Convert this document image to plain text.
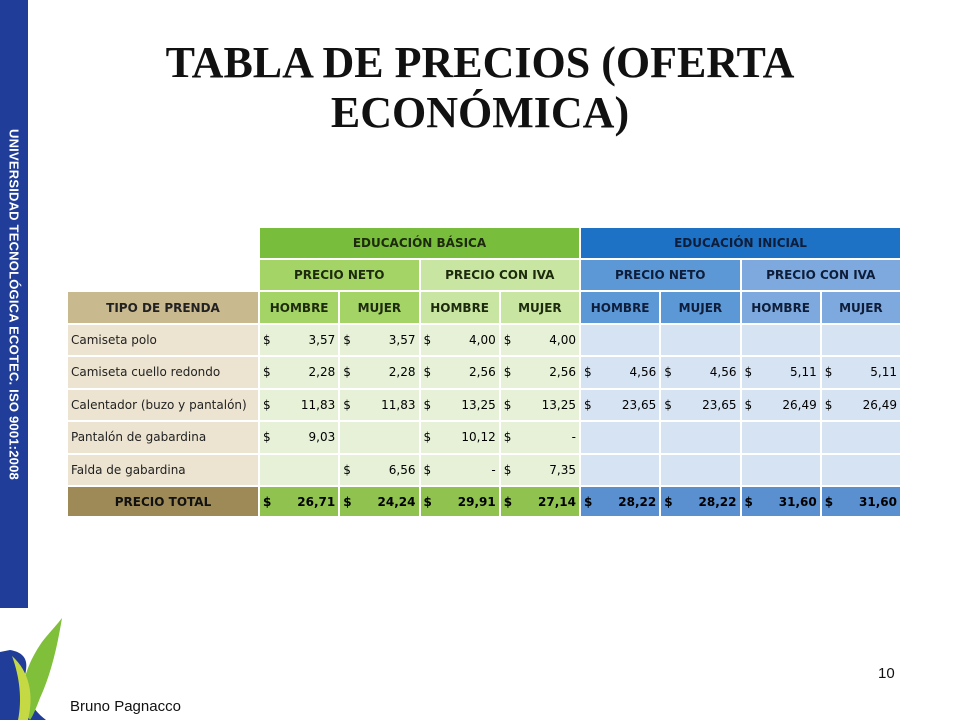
UNIVERSIDAD TECNOLÓGICA ECOTEC. ISO 9001:2008
TABLA DE PRECIOS (OFERTA ECONÓMICA)
	EDUCACIÓN BÁSICA				EDUCACIÓN INICIAL			
	PRECIO NETO		PRECIO CON IVA		PRECIO NETO		PRECIO CON IVA	
TIPO DE PRENDA	HOMBRE	MUJER	HOMBRE	MUJER	HOMBRE	MUJER	HOMBRE	MUJER
Camiseta polo	$ 3,57	$ 3,57	$ 4,00	$ 4,00				

Camiseta cuello redondo	$ 2,28	$ 2,28	$ 2,56	$ 2,56	$ 4,56	$ 4,56	$ 5,11	$ 5,11

Calentador (buzo y pantalón)	$ 11,83	$ 11,83	$ 13,25	$ 13,25	$ 23,65	$ 23,65	$ 26,49	$ 26,49

Pantalón de gabardina	$ 9,03		$ 10,12	$ -				

Falda de gabardina		$ 6,56	$ -	$ 7,35				

PRECIO TOTAL	$ 26,71	$ 24,24	$ 29,91	$ 27,14	$ 28,22	$ 28,22	$ 31,60	$ 31,60
Bruno Pagnacco
10
